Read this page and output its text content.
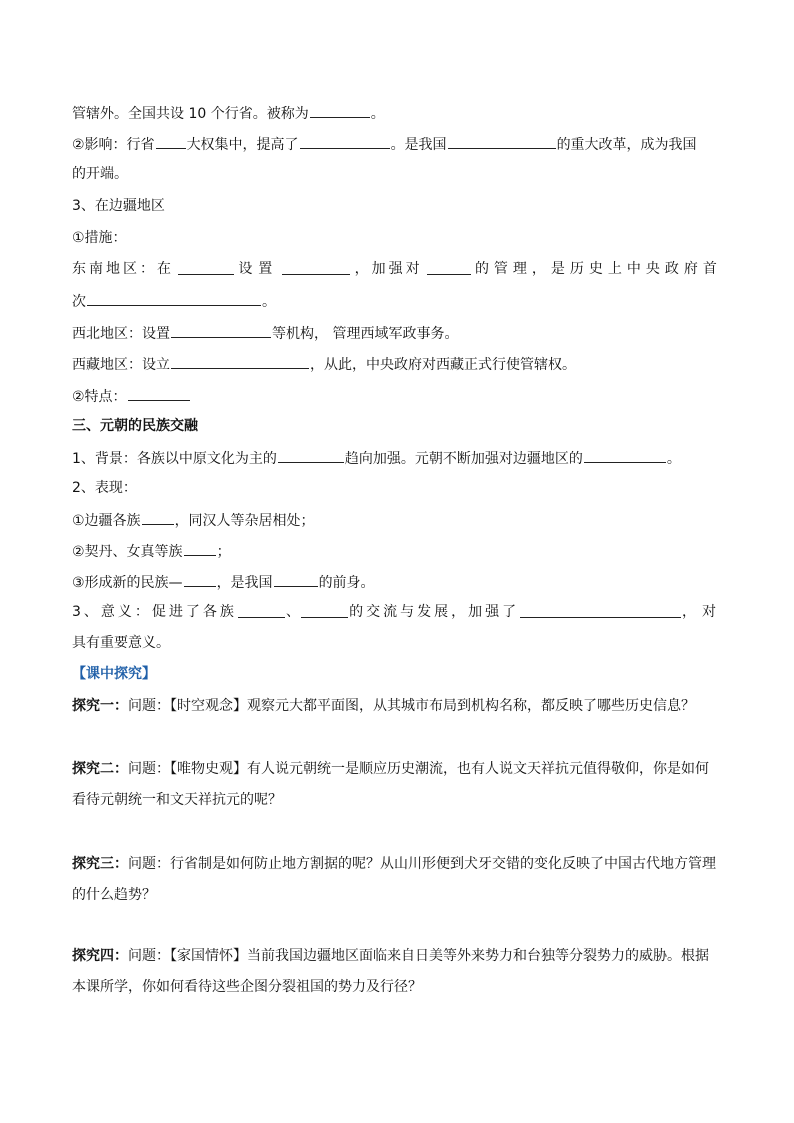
管辖外。全国共设 10 个行省。被称为	。
②影响：行省 大权集中，提高了	。是我国	的重大改革，成为我国
的开端。
3、在边疆地区
①措施：
东南地区：在	设置	，加强对	的管理，是历史上中央政府首
次	。
西北地区：设置	等机构， 管理西域军政事务。
西藏地区：设立	，从此，中央政府对西藏正式行使管辖权。
②特点：
三、元朝的民族交融
1、背景：各族以中原文化为主的	趋向加强。元朝不断加强对边疆地区的	。
2、表现：
①边疆各族 ，同汉人等杂居相处；
②契丹、女真等族 ；
③形成新的民族— ，是我国	的前身。
3、意义：促进了各族	、	的交流与发展，加强了	，对
具有重要意义。
【课中探究】
探究一：问题：【时空观念】观察元大都平面图，从其城市布局到机构名称，都反映了哪些历史信息？
探究二：问题：【唯物史观】有人说元朝统一是顺应历史潮流，也有人说文天祥抗元值得敬仰，你是如何
看待元朝统一和文天祥抗元的呢？
探究三：问题：行省制是如何防止地方割据的呢？从山川形便到犬牙交错的变化反映了中国古代地方管理
的什么趋势？
探究四：问题：【家国情怀】当前我国边疆地区面临来自日美等外来势力和台独等分裂势力的威胁。根据
本课所学，你如何看待这些企图分裂祖国的势力及行径？
